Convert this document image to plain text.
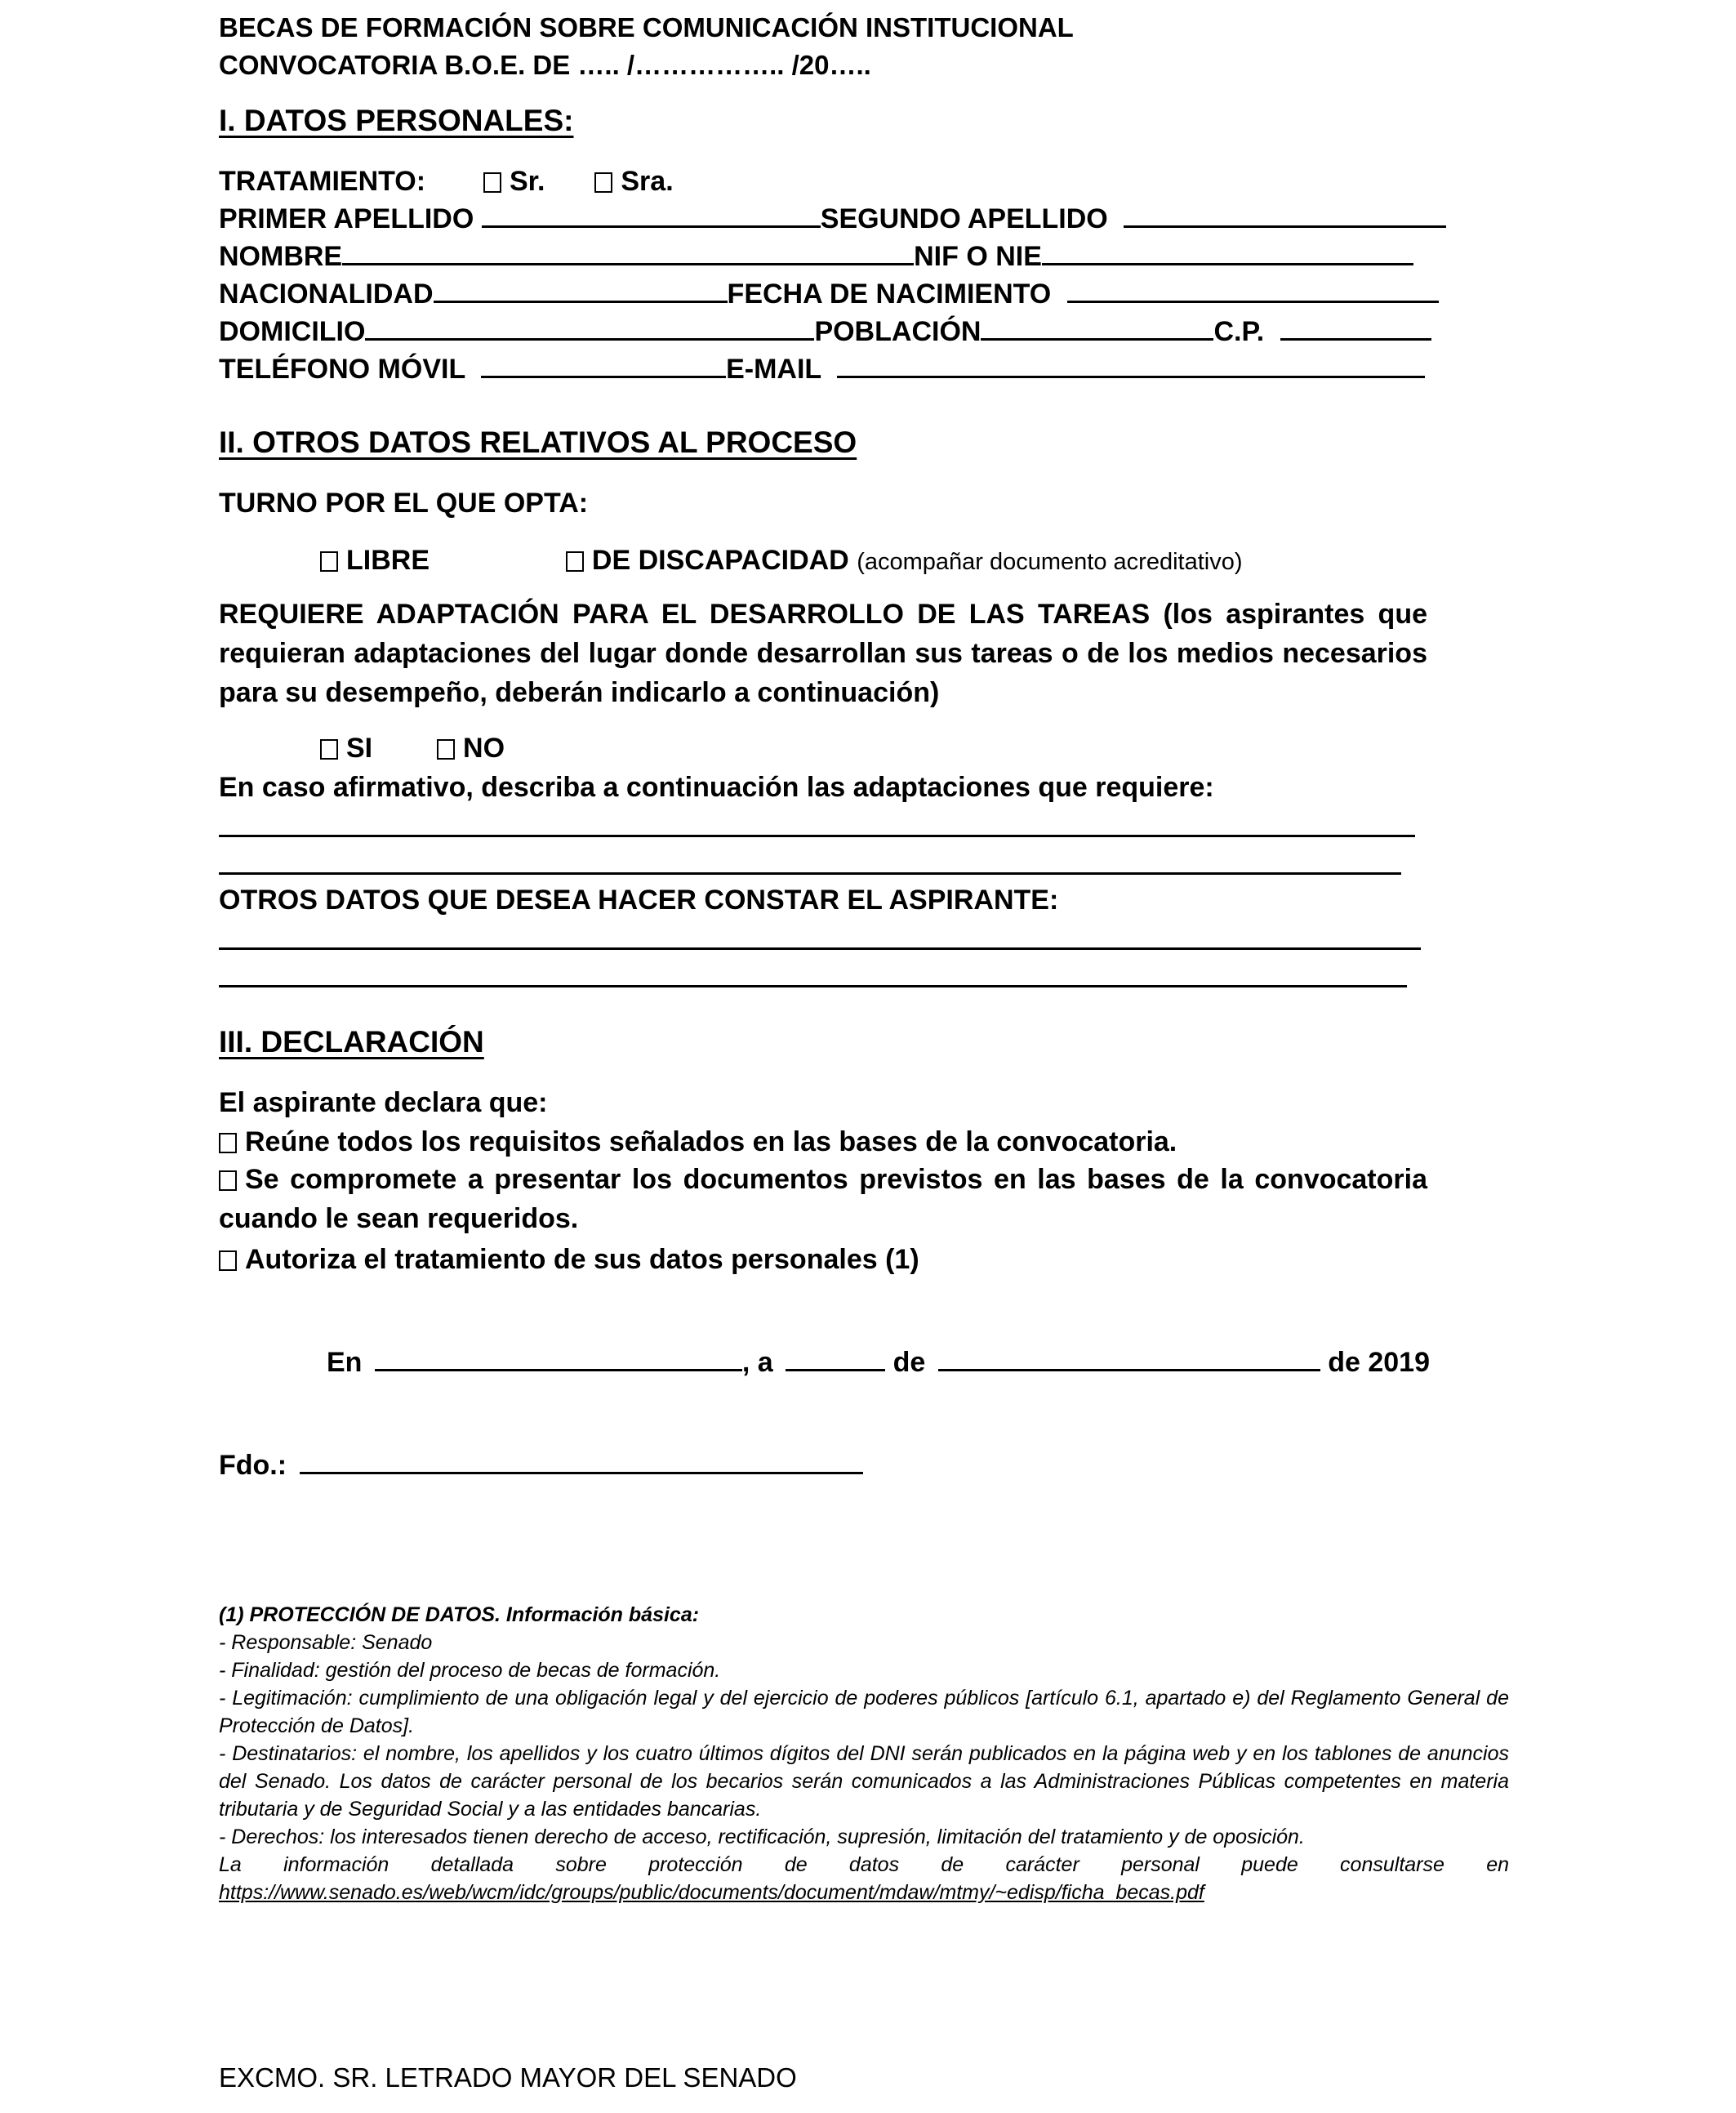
BECAS DE FORMACIÓN SOBRE COMUNICACIÓN INSTITUCIONAL
CONVOCATORIA B.O.E. DE ….. /…………….. /20…..
I. DATOS PERSONALES:
TRATAMIENTO:	Sr.	Sra.
PRIMER APELLIDO	SEGUNDO APELLIDO
NOMBRE	NIF O NIE
NACIONALIDAD	FECHA DE NACIMIENTO
DOMICILIO	POBLACIÓN	C.P.
TELÉFONO MÓVIL	E-MAIL
II. OTROS DATOS RELATIVOS AL PROCESO
TURNO POR EL QUE OPTA:
LIBRE	DE DISCAPACIDAD (acompañar documento acreditativo)
REQUIERE ADAPTACIÓN PARA EL DESARROLLO DE LAS TAREAS (los aspirantes que requieran adaptaciones del lugar donde desarrollan sus tareas o de los medios necesarios para su desempeño, deberán indicarlo a continuación)
SI	NO
En caso afirmativo, describa a continuación las adaptaciones que requiere:
OTROS DATOS QUE DESEA HACER CONSTAR EL ASPIRANTE:
III. DECLARACIÓN
El aspirante declara que:
Reúne todos los requisitos señalados en las bases de la convocatoria.
Se compromete a presentar los documentos previstos en las bases de la convocatoria cuando le sean requeridos.
Autoriza el tratamiento de sus datos personales (1)
En	, a	de	de 2019
Fdo.:
(1) PROTECCIÓN DE DATOS. Información básica:
- Responsable: Senado
- Finalidad: gestión del proceso de becas de formación.
- Legitimación: cumplimiento de una obligación legal y del ejercicio de poderes públicos [artículo 6.1, apartado e) del Reglamento General de Protección de Datos].
- Destinatarios: el nombre, los apellidos y los cuatro últimos dígitos del DNI serán publicados en la página web y en los tablones de anuncios del Senado. Los datos de carácter personal de los becarios serán comunicados a las Administraciones Públicas competentes en materia tributaria y de Seguridad Social y a las entidades bancarias.
- Derechos: los interesados tienen derecho de acceso, rectificación, supresión, limitación del tratamiento y de oposición.
La información detallada sobre protección de datos de carácter personal puede consultarse en
https://www.senado.es/web/wcm/idc/groups/public/documents/document/mdaw/mtmy/~edisp/ficha_becas.pdf
EXCMO. SR. LETRADO MAYOR DEL SENADO
